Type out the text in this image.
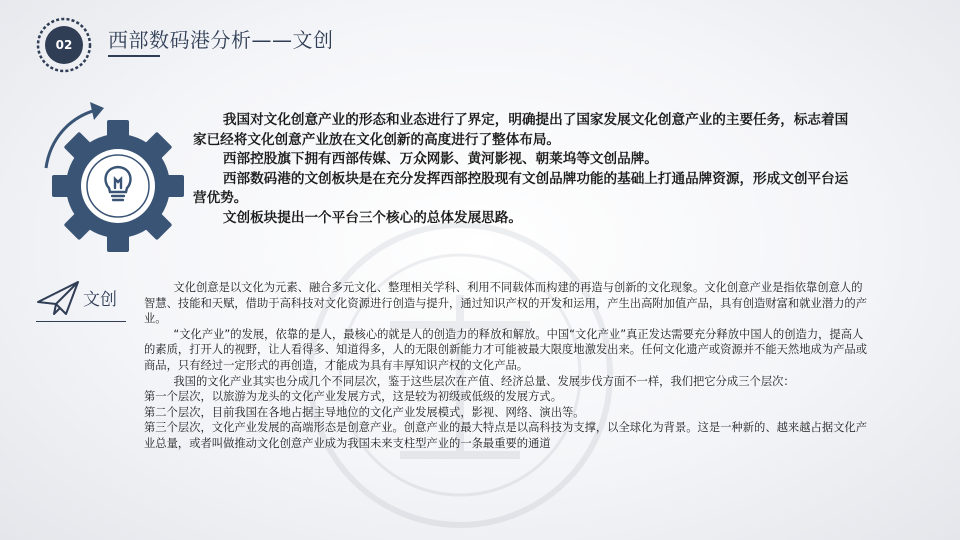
02	西部数码港分析——文创

我国对文化创意产业的形态和业态进行了界定，明确提出了国家发展文化创意产业的主要任务，标志着国家已经将文化创意产业放在文化创新的高度进行了整体布局。

西部控股旗下拥有西部传媒、万众网影、黄河影视、朝莱坞等文创品牌。

西部数码港的文创板块是在充分发挥西部控股现有文创品牌功能的基础上打通品牌资源，形成文创平台运营优势。

文创板块提出一个平台三个核心的总体发展思路。

文创

文化创意是以文化为元素、融合多元文化、整理相关学科、利用不同载体而构建的再造与创新的文化现象。文化创意产业是指依靠创意人的智慧、技能和天赋，借助于高科技对文化资源进行创造与提升，通过知识产权的开发和运用，产生出高附加值产品，具有创造财富和就业潜力的产业。

“文化产业”的发展，依靠的是人，最核心的就是人的创造力的释放和解放。中国“文化产业”真正发达需要充分释放中国人的创造力，提高人的素质，打开人的视野，让人看得多、知道得多，人的无限创新能力才可能被最大限度地激发出来。任何文化遗产或资源并不能天然地成为产品或商品，只有经过一定形式的再创造，才能成为具有丰厚知识产权的文化产品。

我国的文化产业其实也分成几个不同层次，鉴于这些层次在产值、经济总量、发展步伐方面不一样，我们把它分成三个层次：

第一个层次，以旅游为龙头的文化产业发展方式，这是较为初级或低级的发展方式。

第二个层次，目前我国在各地占据主导地位的文化产业发展模式，影视、网络、演出等。

第三个层次，文化产业发展的高端形态是创意产业。创意产业的最大特点是以高科技为支撑，以全球化为背景。这是一种新的、越来越占据文化产业总量，或者叫做推动文化创意产业成为我国未来支柱型产业的一条最重要的通道
